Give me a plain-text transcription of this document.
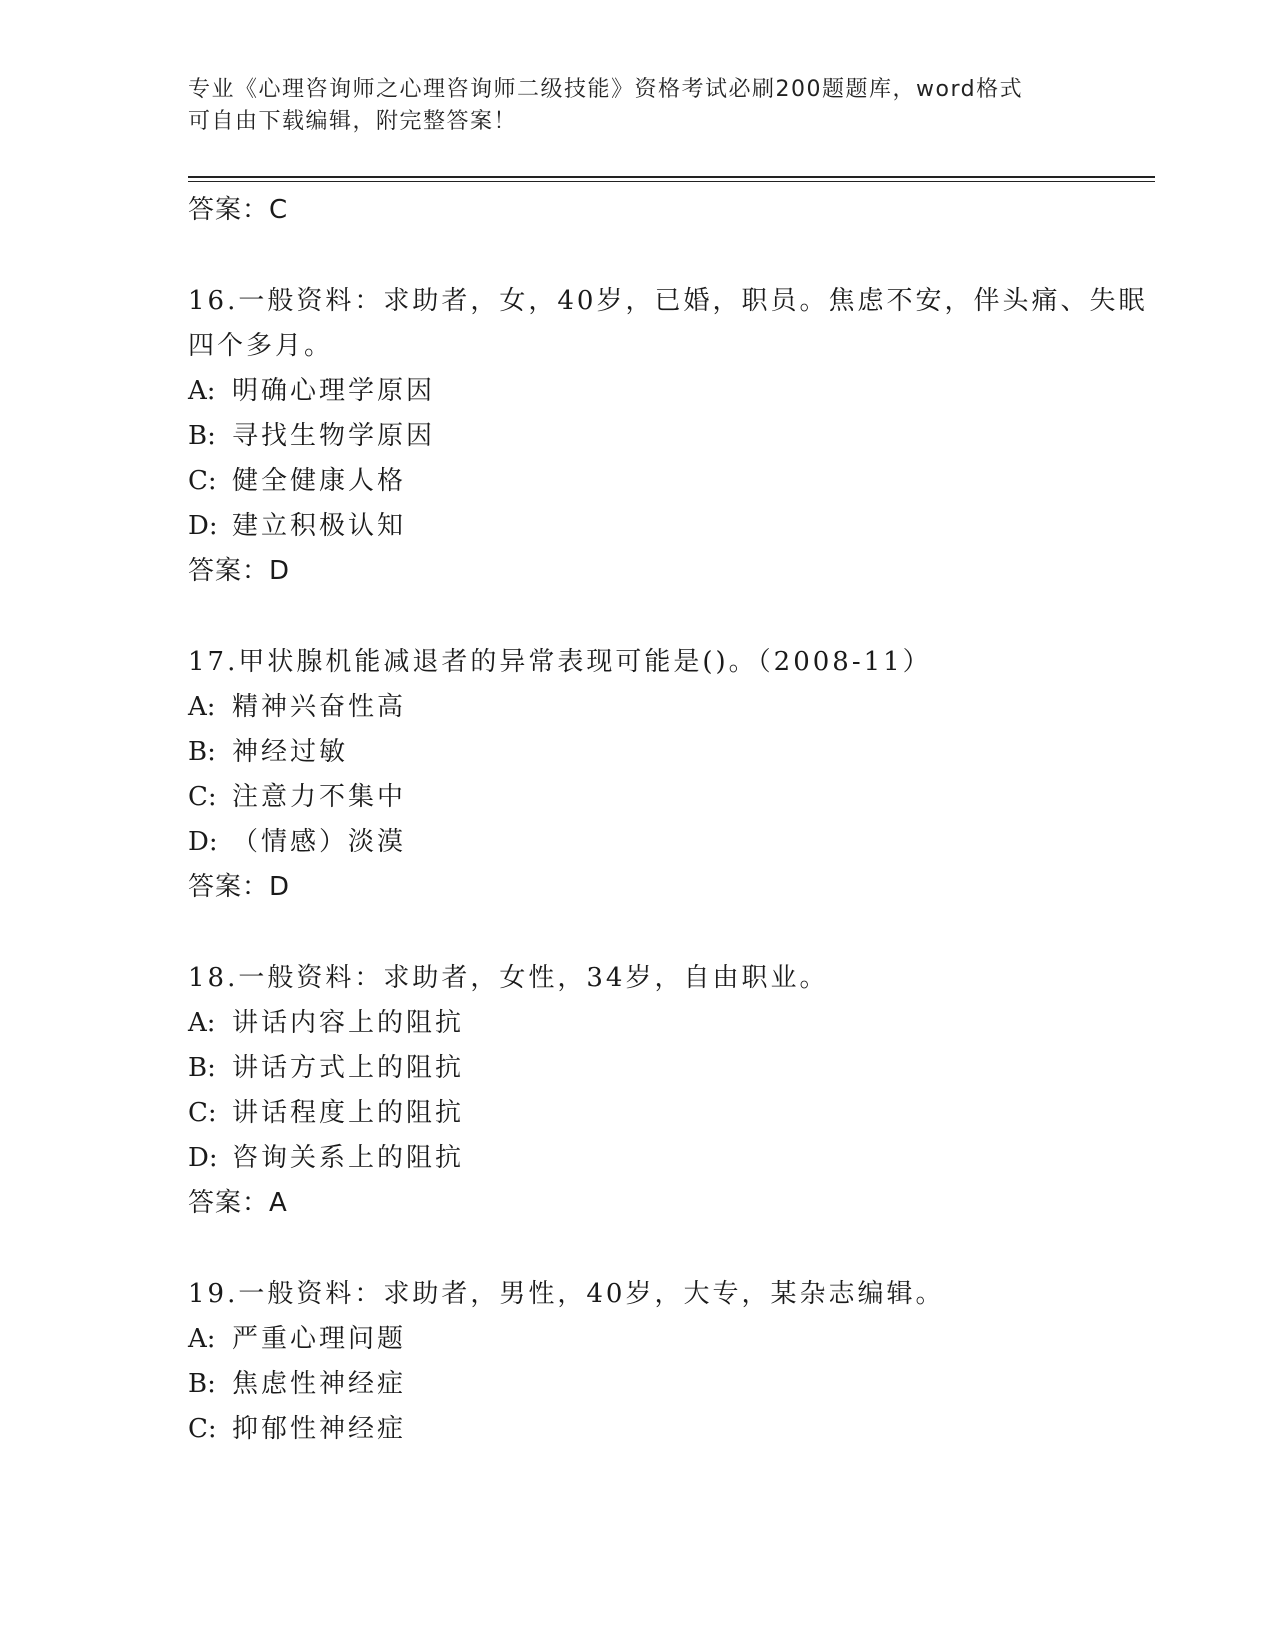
专业《心理咨询师之心理咨询师二级技能》资格考试必刷200题题库，word格式
可自由下载编辑，附完整答案！
答案：C
16.一般资料：求助者，女，40岁，已婚，职员。焦虑不安，伴头痛、失眠四个多月。
A: 明确心理学原因
B: 寻找生物学原因
C: 健全健康人格
D: 建立积极认知
答案：D
17.甲状腺机能减退者的异常表现可能是()。（2008-11）
A: 精神兴奋性高
B: 神经过敏
C: 注意力不集中
D: （情感）淡漠
答案：D
18.一般资料：求助者，女性，34岁，自由职业。
A: 讲话内容上的阻抗
B: 讲话方式上的阻抗
C: 讲话程度上的阻抗
D: 咨询关系上的阻抗
答案：A
19.一般资料：求助者，男性，40岁，大专，某杂志编辑。
A: 严重心理问题
B: 焦虑性神经症
C: 抑郁性神经症
